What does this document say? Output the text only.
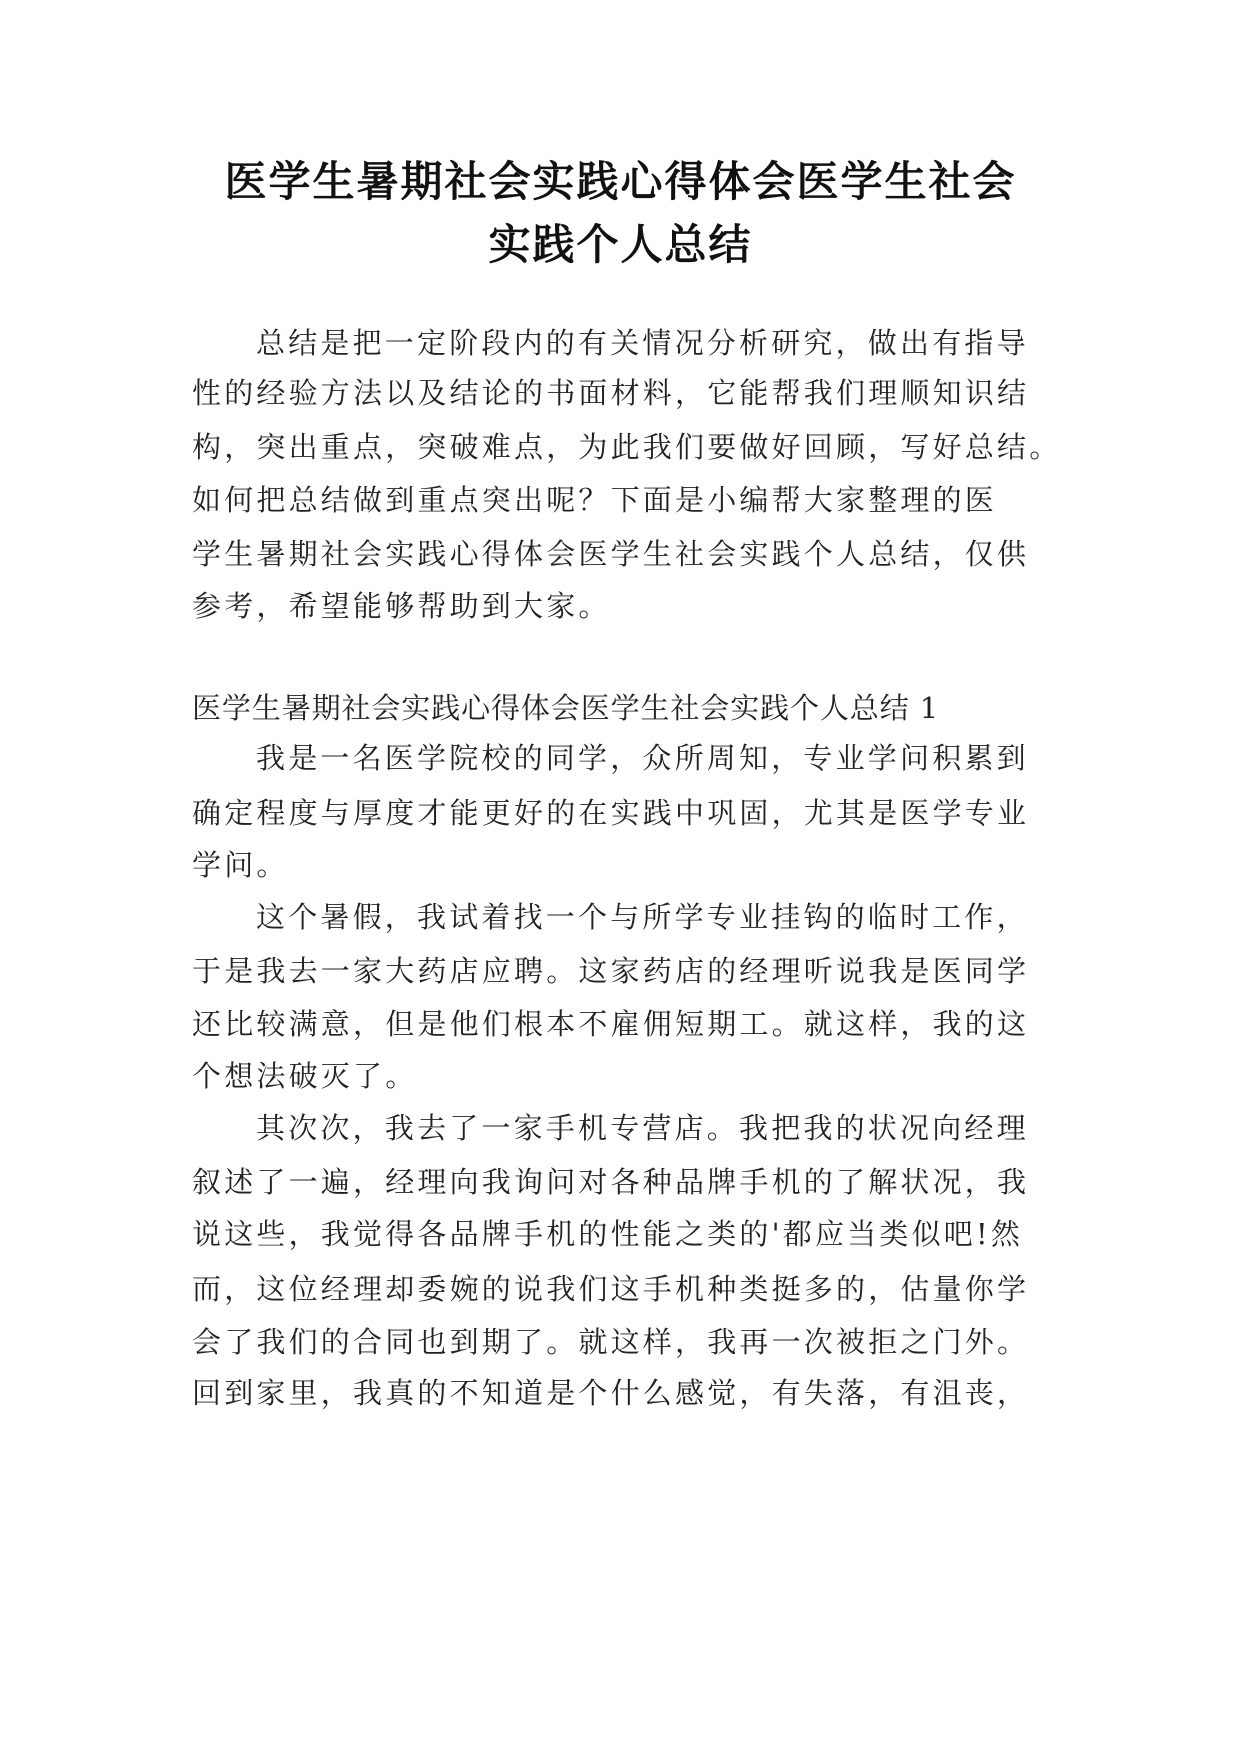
医学生暑期社会实践心得体会医学生社会
实践个人总结
总结是把一定阶段内的有关情况分析研究，做出有指导
性的经验方法以及结论的书面材料，它能帮我们理顺知识结
构，突出重点，突破难点，为此我们要做好回顾，写好总结。
如何把总结做到重点突出呢？下面是小编帮大家整理的医
学生暑期社会实践心得体会医学生社会实践个人总结，仅供
参考，希望能够帮助到大家。
医学生暑期社会实践心得体会医学生社会实践个人总结 1
我是一名医学院校的同学，众所周知，专业学问积累到
确定程度与厚度才能更好的在实践中巩固，尤其是医学专业
学问。
这个暑假，我试着找一个与所学专业挂钩的临时工作，
于是我去一家大药店应聘。这家药店的经理听说我是医同学
还比较满意，但是他们根本不雇佣短期工。就这样，我的这
个想法破灭了。
其次次，我去了一家手机专营店。我把我的状况向经理
叙述了一遍，经理向我询问对各种品牌手机的了解状况，我
说这些，我觉得各品牌手机的性能之类的'都应当类似吧!然
而，这位经理却委婉的说我们这手机种类挺多的，估量你学
会了我们的合同也到期了。就这样，我再一次被拒之门外。
回到家里，我真的不知道是个什么感觉，有失落，有沮丧，
